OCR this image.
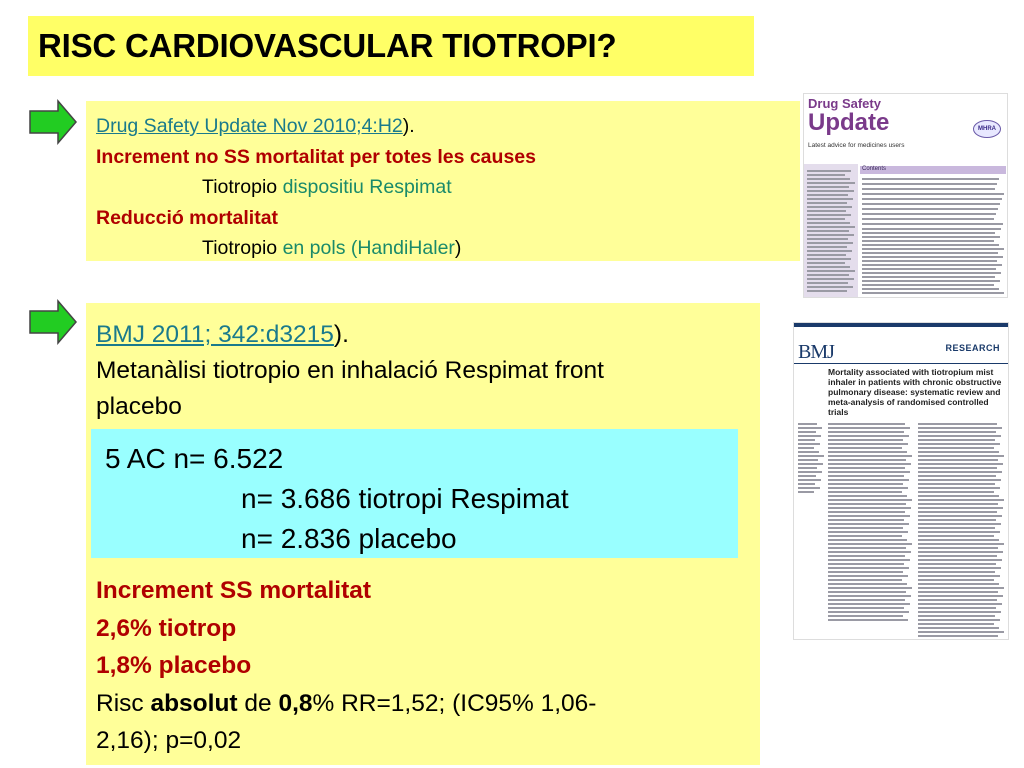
RISC CARDIOVASCULAR TIOTROPI?
Drug Safety Update Nov 2010;4:H2).
Increment no SS mortalitat per totes les causes
Tiotropio dispositiu Respimat
Reducció mortalitat
Tiotropio en pols (HandiHaler)
BMJ 2011; 342:d3215).
Metanàlisi tiotropio en inhalació Respimat front
placebo
5 AC n= 6.522
n= 3.686 tiotropi Respimat
n= 2.836 placebo
Increment SS mortalitat
2,6% tiotrop
1,8% placebo
Risc absolut de 0,8% RR=1,52; (IC95% 1,06-
2,16); p=0,02
Drug Safety
Update	MHRA
Latest advice for medicines users
Contents
BMJ	RESEARCH
Mortality associated with tiotropium mist inhaler in patients with chronic obstructive pulmonary disease: systematic review and meta-analysis of randomised controlled trials
